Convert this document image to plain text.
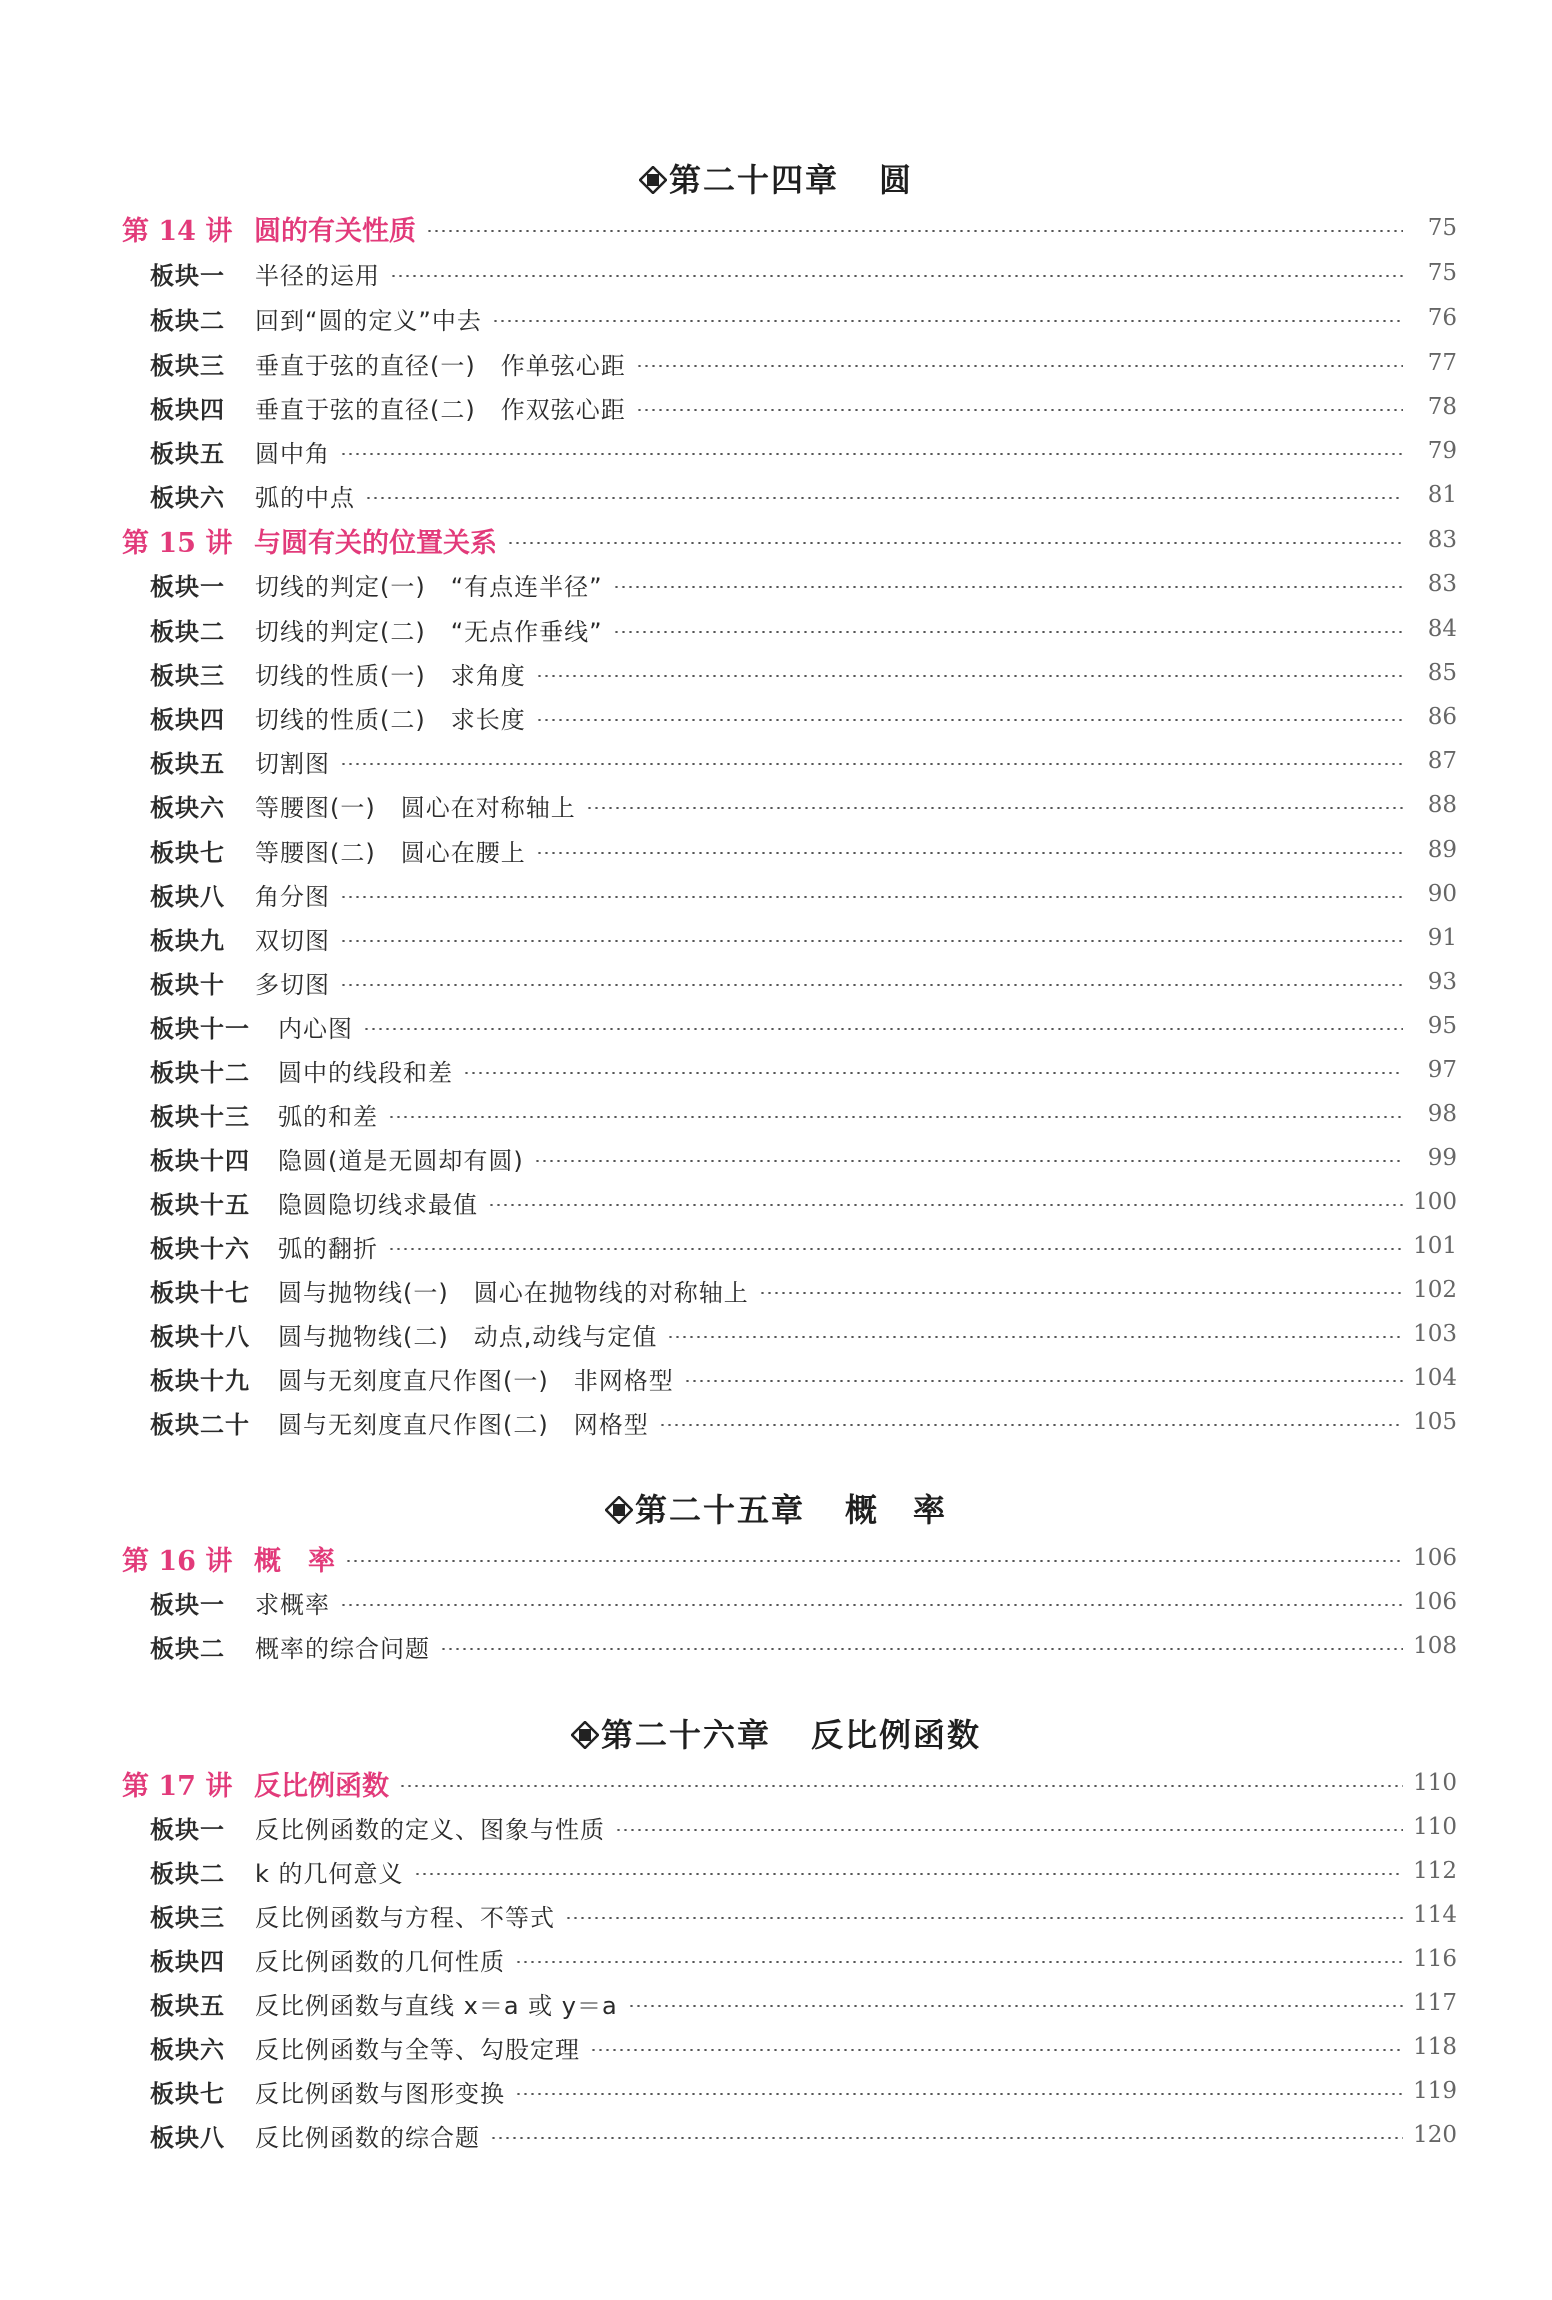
第二十四章 圆
第二十五章 概　率
第二十六章 反比例函数
第 14 讲 圆的有关性质	75
板块一	半径的运用	75
板块二	回到“圆的定义”中去	76
板块三	垂直于弦的直径(一)　作单弦心距	77
板块四	垂直于弦的直径(二)　作双弦心距	78
板块五	圆中角	79
板块六	弧的中点	81
第 15 讲 与圆有关的位置关系	83
板块一	切线的判定(一)　“有点连半径”	83
板块二	切线的判定(二)　“无点作垂线”	84
板块三	切线的性质(一)　求角度	85
板块四	切线的性质(二)　求长度	86
板块五	切割图	87
板块六	等腰图(一)　圆心在对称轴上	88
板块七	等腰图(二)　圆心在腰上	89
板块八	角分图	90
板块九	双切图	91
板块十	多切图	93
板块十一	内心图	95
板块十二	圆中的线段和差	97
板块十三	弧的和差	98
板块十四	隐圆(道是无圆却有圆)	99
板块十五	隐圆隐切线求最值	100
板块十六	弧的翻折	101
板块十七	圆与抛物线(一)　圆心在抛物线的对称轴上	102
板块十八	圆与抛物线(二)　动点,动线与定值	103
板块十九	圆与无刻度直尺作图(一)　非网格型	104
板块二十	圆与无刻度直尺作图(二)　网格型	105
第 16 讲 概　率	106
板块一	求概率	106
板块二	概率的综合问题	108
第 17 讲 反比例函数	110
板块一	反比例函数的定义、图象与性质	110
板块二	k 的几何意义	112
板块三	反比例函数与方程、不等式	114
板块四	反比例函数的几何性质	116
板块五	反比例函数与直线 x＝a 或 y＝a	117
板块六	反比例函数与全等、勾股定理	118
板块七	反比例函数与图形变换	119
板块八	反比例函数的综合题	120
